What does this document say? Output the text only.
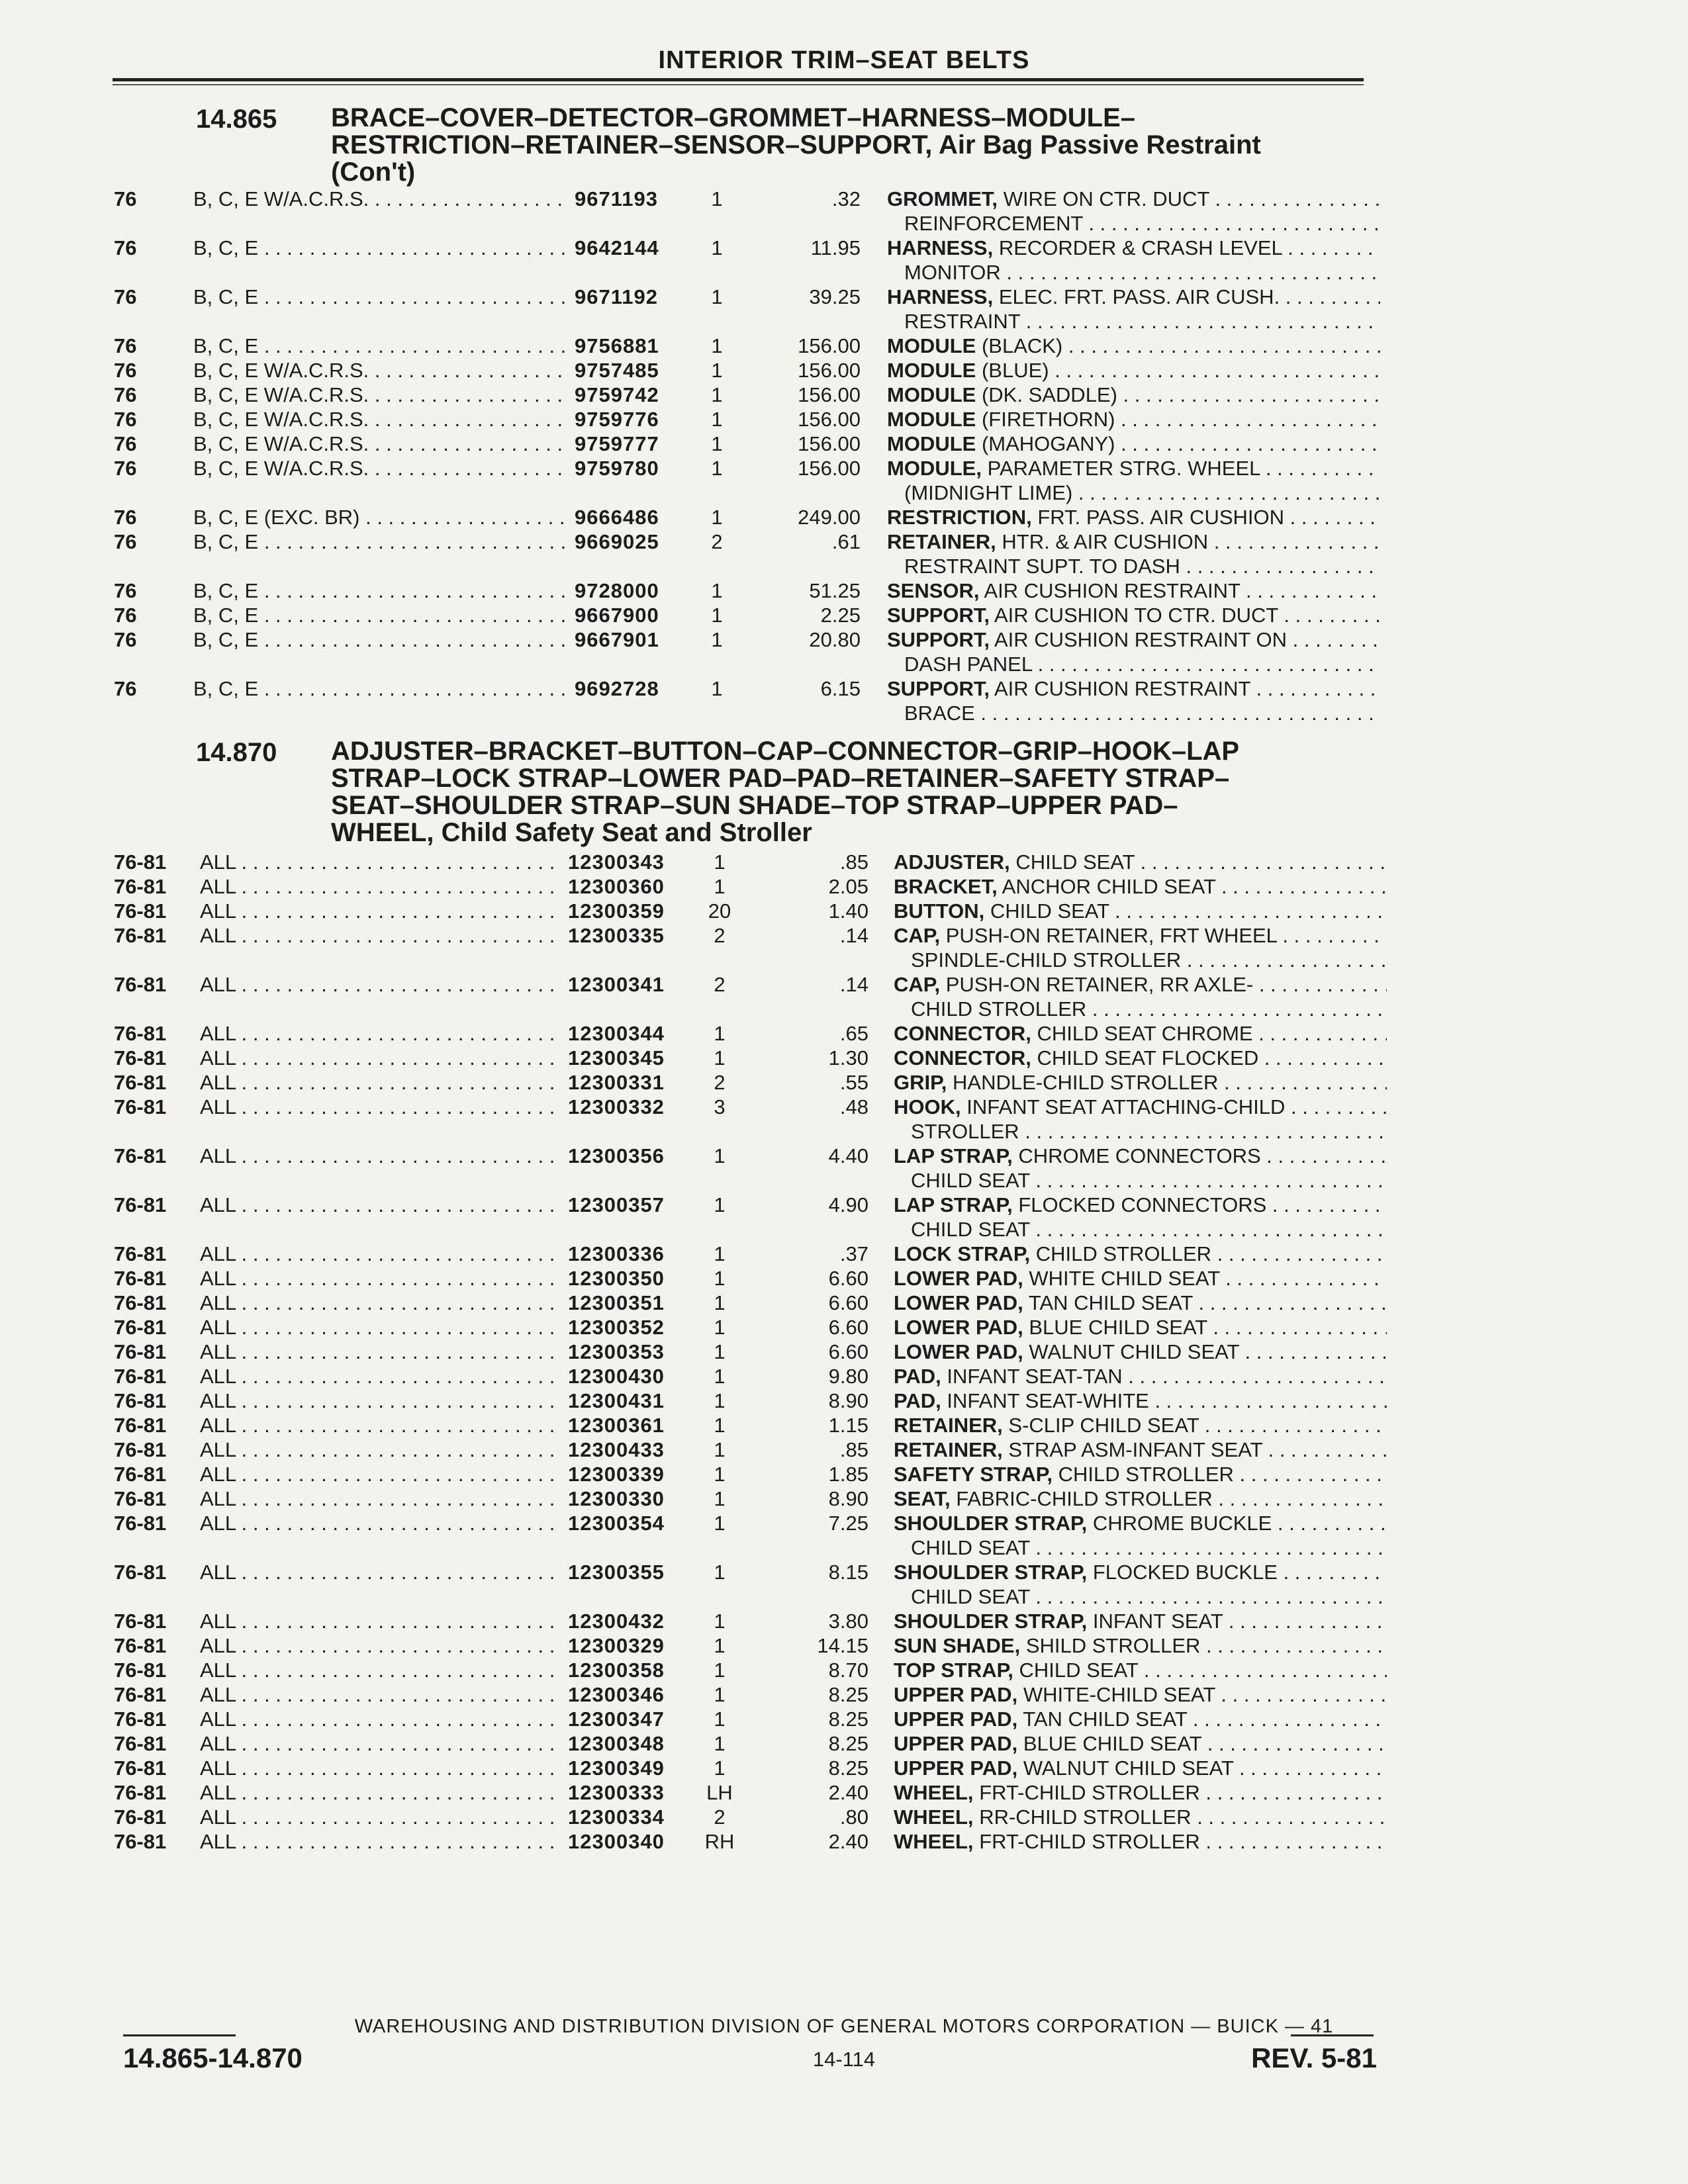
INTERIOR TRIM–SEAT BELTS
14.865 BRACE–COVER–DETECTOR–GROMMET–HARNESS–MODULE–
RESTRICTION–RETAINER–SENSOR–SUPPORT, Air Bag Passive Restraint
(Con't)
76	B, C, E W/A.C.R.S. . . .	9671193	1	.32 GROMMET, WIRE ON CTR. DUCT . . .
REINFORCEMENT . . .
76	B, C, E . . .	9642144	1	11.95 HARNESS, RECORDER & CRASH LEVEL . . .
MONITOR . . .
76	B, C, E . . .	9671192	1	39.25 HARNESS, ELEC. FRT. PASS. AIR CUSH. . . .
RESTRAINT . . .
76	B, C, E . . .	9756881	1	156.00 MODULE (BLACK) . . .
76	B, C, E W/A.C.R.S. . . .	9757485	1	156.00 MODULE (BLUE) . . .
76	B, C, E W/A.C.R.S. . . .	9759742	1	156.00 MODULE (DK. SADDLE) . . .
76	B, C, E W/A.C.R.S. . . .	9759776	1	156.00 MODULE (FIRETHORN) . . .
76	B, C, E W/A.C.R.S. . . .	9759777	1	156.00 MODULE (MAHOGANY) . . .
76	B, C, E W/A.C.R.S. . . .	9759780	1	156.00 MODULE, PARAMETER STRG. WHEEL . . .
(MIDNIGHT LIME) . . .
76	B, C, E (EXC. BR) . . .	9666486	1	249.00 RESTRICTION, FRT. PASS. AIR CUSHION . . .
76	B, C, E . . .	9669025	2	.61 RETAINER, HTR. & AIR CUSHION . . .
RESTRAINT SUPT. TO DASH . . .
76	B, C, E . . .	9728000	1	51.25 SENSOR, AIR CUSHION RESTRAINT . . .
76	B, C, E . . .	9667900	1	2.25 SUPPORT, AIR CUSHION TO CTR. DUCT . . .
76	B, C, E . . .	9667901	1	20.80 SUPPORT, AIR CUSHION RESTRAINT ON . . .
DASH PANEL . . .
76	B, C, E . . .	9692728	1	6.15 SUPPORT, AIR CUSHION RESTRAINT . . .
BRACE . . .
14.870 ADJUSTER–BRACKET–BUTTON–CAP–CONNECTOR–GRIP–HOOK–LAP
STRAP–LOCK STRAP–LOWER PAD–PAD–RETAINER–SAFETY STRAP–
SEAT–SHOULDER STRAP–SUN SHADE–TOP STRAP–UPPER PAD–
WHEEL, Child Safety Seat and Stroller
76-81 ALL . . .	12300343	1	.85 ADJUSTER, CHILD SEAT . . .
76-81 ALL . . .	12300360	1	2.05 BRACKET, ANCHOR CHILD SEAT . . .
76-81 ALL . . .	12300359	20	1.40 BUTTON, CHILD SEAT . . .
76-81 ALL . . .	12300335	2	.14 CAP, PUSH-ON RETAINER, FRT WHEEL . . .
SPINDLE-CHILD STROLLER . . .
76-81 ALL . . .	12300341	2	.14 CAP, PUSH-ON RETAINER, RR AXLE- . . .
CHILD STROLLER . . .
76-81 ALL . . .	12300344	1	.65 CONNECTOR, CHILD SEAT CHROME . . .
76-81 ALL . . .	12300345	1	1.30 CONNECTOR, CHILD SEAT FLOCKED . . .
76-81 ALL . . .	12300331	2	.55 GRIP, HANDLE-CHILD STROLLER . . .
76-81 ALL . . .	12300332	3	.48 HOOK, INFANT SEAT ATTACHING-CHILD . . .
STROLLER . . .
76-81 ALL . . .	12300356	1	4.40 LAP STRAP, CHROME CONNECTORS . . .
CHILD SEAT . . .
76-81 ALL . . .	12300357	1	4.90 LAP STRAP, FLOCKED CONNECTORS . . .
CHILD SEAT . . .
76-81 ALL . . .	12300336	1	.37 LOCK STRAP, CHILD STROLLER . . .
76-81 ALL . . .	12300350	1	6.60 LOWER PAD, WHITE CHILD SEAT . . .
76-81 ALL . . .	12300351	1	6.60 LOWER PAD, TAN CHILD SEAT . . .
76-81 ALL . . .	12300352	1	6.60 LOWER PAD, BLUE CHILD SEAT . . .
76-81 ALL . . .	12300353	1	6.60 LOWER PAD, WALNUT CHILD SEAT . . .
76-81 ALL . . .	12300430	1	9.80 PAD, INFANT SEAT-TAN . . .
76-81 ALL . . .	12300431	1	8.90 PAD, INFANT SEAT-WHITE . . .
76-81 ALL . . .	12300361	1	1.15 RETAINER, S-CLIP CHILD SEAT . . .
76-81 ALL . . .	12300433	1	.85 RETAINER, STRAP ASM-INFANT SEAT . . .
76-81 ALL . . .	12300339	1	1.85 SAFETY STRAP, CHILD STROLLER . . .
76-81 ALL . . .	12300330	1	8.90 SEAT, FABRIC-CHILD STROLLER . . .
76-81 ALL . . .	12300354	1	7.25 SHOULDER STRAP, CHROME BUCKLE . . .
CHILD SEAT . . .
76-81 ALL . . .	12300355	1	8.15 SHOULDER STRAP, FLOCKED BUCKLE . . .
CHILD SEAT . . .
76-81 ALL . . .	12300432	1	3.80 SHOULDER STRAP, INFANT SEAT . . .
76-81 ALL . . .	12300329	1	14.15 SUN SHADE, SHILD STROLLER . . .
76-81 ALL . . .	12300358	1	8.70 TOP STRAP, CHILD SEAT . . .
76-81 ALL . . .	12300346	1	8.25 UPPER PAD, WHITE-CHILD SEAT . . .
76-81 ALL . . .	12300347	1	8.25 UPPER PAD, TAN CHILD SEAT . . .
76-81 ALL . . .	12300348	1	8.25 UPPER PAD, BLUE CHILD SEAT . . .
76-81 ALL . . .	12300349	1	8.25 UPPER PAD, WALNUT CHILD SEAT . . .
76-81 ALL . . .	12300333	LH	2.40 WHEEL, FRT-CHILD STROLLER . . .
76-81 ALL . . .	12300334	2	.80 WHEEL, RR-CHILD STROLLER . . .
76-81 ALL . . .	12300340	RH	2.40 WHEEL, FRT-CHILD STROLLER . . .
WAREHOUSING AND DISTRIBUTION DIVISION OF GENERAL MOTORS CORPORATION — BUICK — 41
14.865-14.870	14-114	REV. 5-81
